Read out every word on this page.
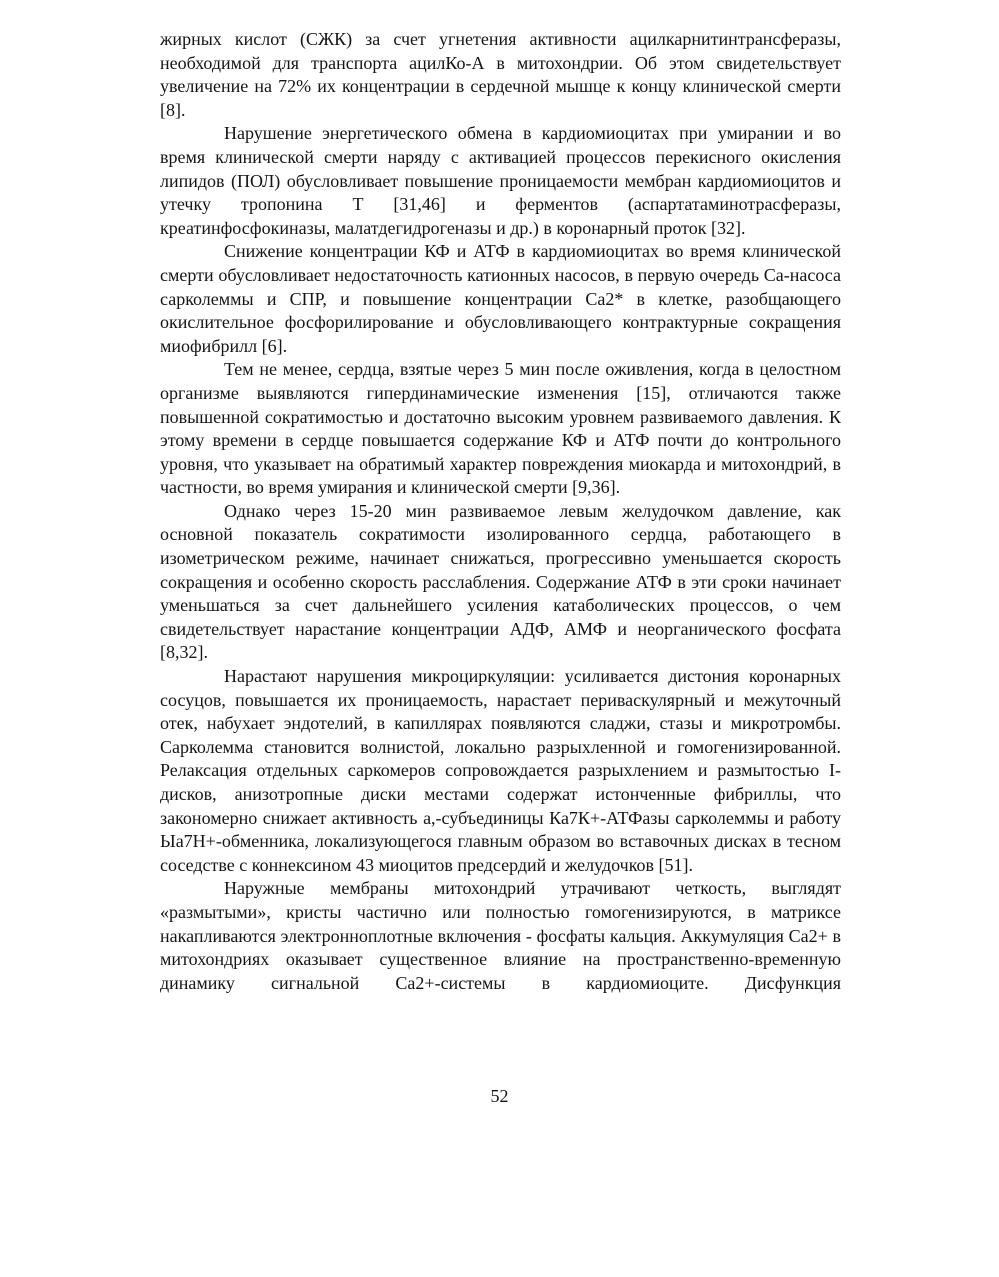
жирных кислот (СЖК) за счет угнетения активности ацилкарнитинтрансферазы, необходимой для транспорта ацилКо-А в митохондрии. Об этом свидетельствует увеличение на 72% их концентрации в сердечной мышце к концу клинической смерти [8].

Нарушение энергетического обмена в кардиомиоцитах при умирании и во время клинической смерти наряду с активацией процессов перекисного окисления липидов (ПОЛ) обусловливает повышение проницаемости мембран кардиомиоцитов и утечку тропонина Т [31,46] и ферментов (аспартатаминотрасферазы, креатинфосфокиназы, малатдегидрогеназы и др.) в коронарный проток [32].

Снижение концентрации КФ и АТФ в кардиомиоцитах во время клинической смерти обусловливает недостаточность катионных насосов, в первую очередь Са-насоса сарколеммы и СПР, и повышение концентрации Са2* в клетке, разобщающего окислительное фосфорилирование и обусловливающего контрактурные сокращения миофибрилл [6].

Тем не менее, сердца, взятые через 5 мин после оживления, когда в целостном организме выявляются гипердинамические изменения [15], отличаются также повышенной сократимостью и достаточно высоким уровнем развиваемого давления. К этому времени в сердце повышается содержание КФ и АТФ почти до контрольного уровня, что указывает на обратимый характер повреждения миокарда и митохондрий, в частности, во время умирания и клинической смерти [9,36].

Однако через 15-20 мин развиваемое левым желудочком давление, как основной показатель сократимости изолированного сердца, работающего в изометрическом режиме, начинает снижаться, прогрессивно уменьшается скорость сокращения и особенно скорость расслабления. Содержание АТФ в эти сроки начинает уменьшаться за счет дальнейшего усиления катаболических процессов, о чем свидетельствует нарастание концентрации АДФ, АМФ и неорганического фосфата [8,32].

Нарастают нарушения микроциркуляции: усиливается дистония коронарных сосуцов, повышается их проницаемость, нарастает периваскулярный и межуточный отек, набухает эндотелий, в капиллярах появляются сладжи, стазы и микротромбы. Сарколемма становится волнистой, локально разрыхленной и гомогенизированной. Релаксация отдельных саркомеров сопровождается разрыхлением и размытостью I-дисков, анизотропные диски местами содержат истонченные фибриллы, что закономерно снижает активность а,-субъединицы Ка7К+-АТФазы сарколеммы и работу Ыа7Н+-обменника, локализующегося главным образом во вставочных дисках в тесном соседстве с коннексином 43 миоцитов предсердий и желудочков [51].

Наружные мембраны митохондрий утрачивают четкость, выглядят «размытыми», кристы частично или полностью гомогенизируются, в матриксе накапливаются электронноплотные включения - фосфаты кальция. Аккумуляция Са2+ в митохондриях оказывает существенное влияние на пространственно-временную динамику сигнальной Са2+-системы в кардиомиоците. Дисфункция

52
